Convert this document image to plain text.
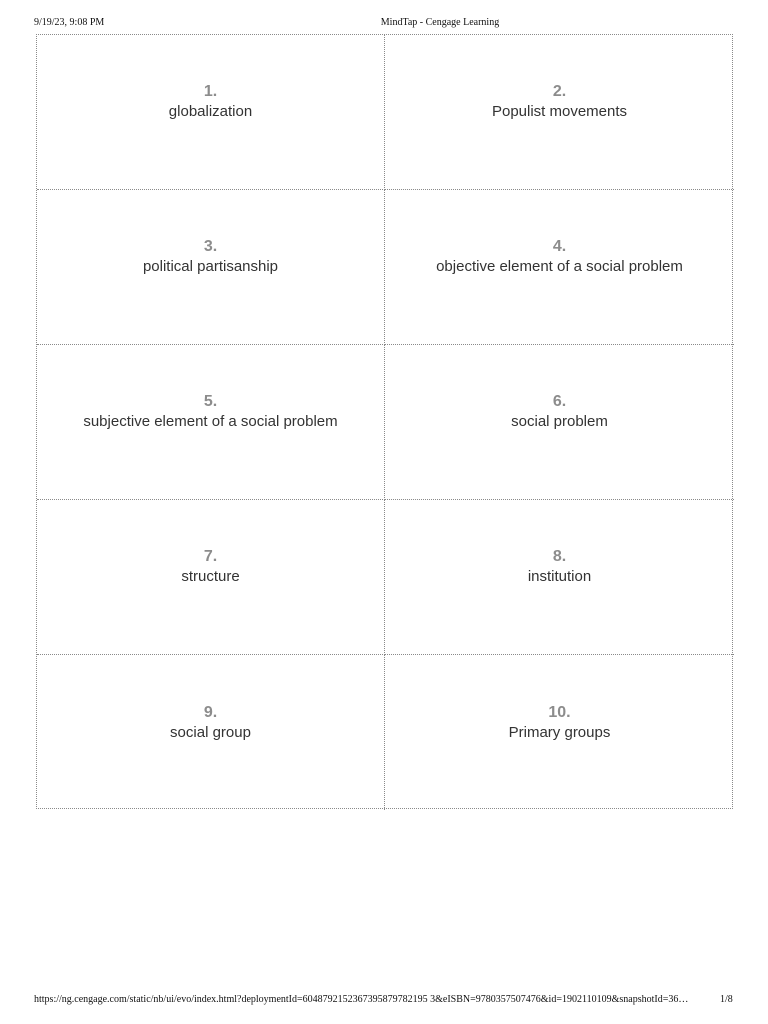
9/19/23, 9:08 PM	MindTap - Cengage Learning
1.
globalization
2.
Populist movements
3.
political partisanship
4.
objective element of a social problem
5.
subjective element of a social problem
6.
social problem
7.
structure
8.
institution
9.
social group
10.
Primary groups
https://ng.cengage.com/static/nb/ui/evo/index.html?deploymentId=6048792152367395879782195 3&eISBN=9780357507476&id=1902110109&snapshotId=36…	1/8
